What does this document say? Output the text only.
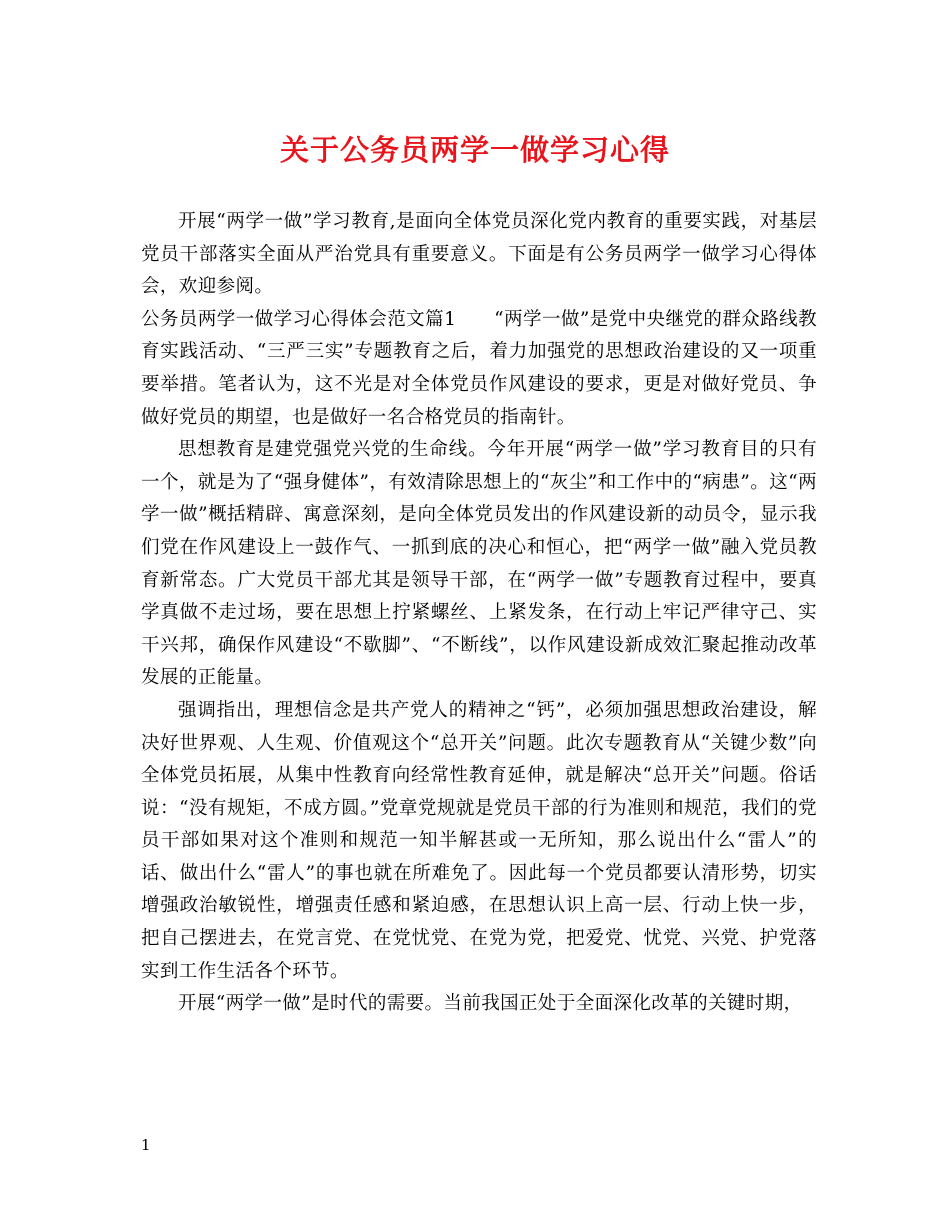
关于公务员两学一做学习心得

开展“两学一做”学习教育,是面向全体党员深化党内教育的重要实践，对基层党员干部落实全面从严治党具有重要意义。下面是有公务员两学一做学习心得体会，欢迎参阅。

公务员两学一做学习心得体会范文篇1　　“两学一做”是党中央继党的群众路线教育实践活动、“三严三实”专题教育之后，着力加强党的思想政治建设的又一项重要举措。笔者认为，这不光是对全体党员作风建设的要求，更是对做好党员、争做好党员的期望，也是做好一名合格党员的指南针。

思想教育是建党强党兴党的生命线。今年开展“两学一做”学习教育目的只有一个，就是为了“强身健体”，有效清除思想上的“灰尘”和工作中的“病患”。这“两学一做”概括精辟、寓意深刻，是向全体党员发出的作风建设新的动员令，显示我们党在作风建设上一鼓作气、一抓到底的决心和恒心，把“两学一做”融入党员教育新常态。广大党员干部尤其是领导干部，在“两学一做”专题教育过程中，要真学真做不走过场，要在思想上拧紧螺丝、上紧发条，在行动上牢记严律守己、实干兴邦，确保作风建设“不歇脚”、“不断线”，以作风建设新成效汇聚起推动改革发展的正能量。

强调指出，理想信念是共产党人的精神之“钙”，必须加强思想政治建设，解决好世界观、人生观、价值观这个“总开关”问题。此次专题教育从“关键少数”向全体党员拓展，从集中性教育向经常性教育延伸，就是解决“总开关”问题。俗话说：“没有规矩，不成方圆。”党章党规就是党员干部的行为准则和规范，我们的党员干部如果对这个准则和规范一知半解甚或一无所知，那么说出什么“雷人”的话、做出什么“雷人”的事也就在所难免了。因此每一个党员都要认清形势，切实增强政治敏锐性，增强责任感和紧迫感，在思想认识上高一层、行动上快一步，把自己摆进去，在党言党、在党忧党、在党为党，把爱党、忧党、兴党、护党落实到工作生活各个环节。

开展“两学一做”是时代的需要。当前我国正处于全面深化改革的关键时期，

1
